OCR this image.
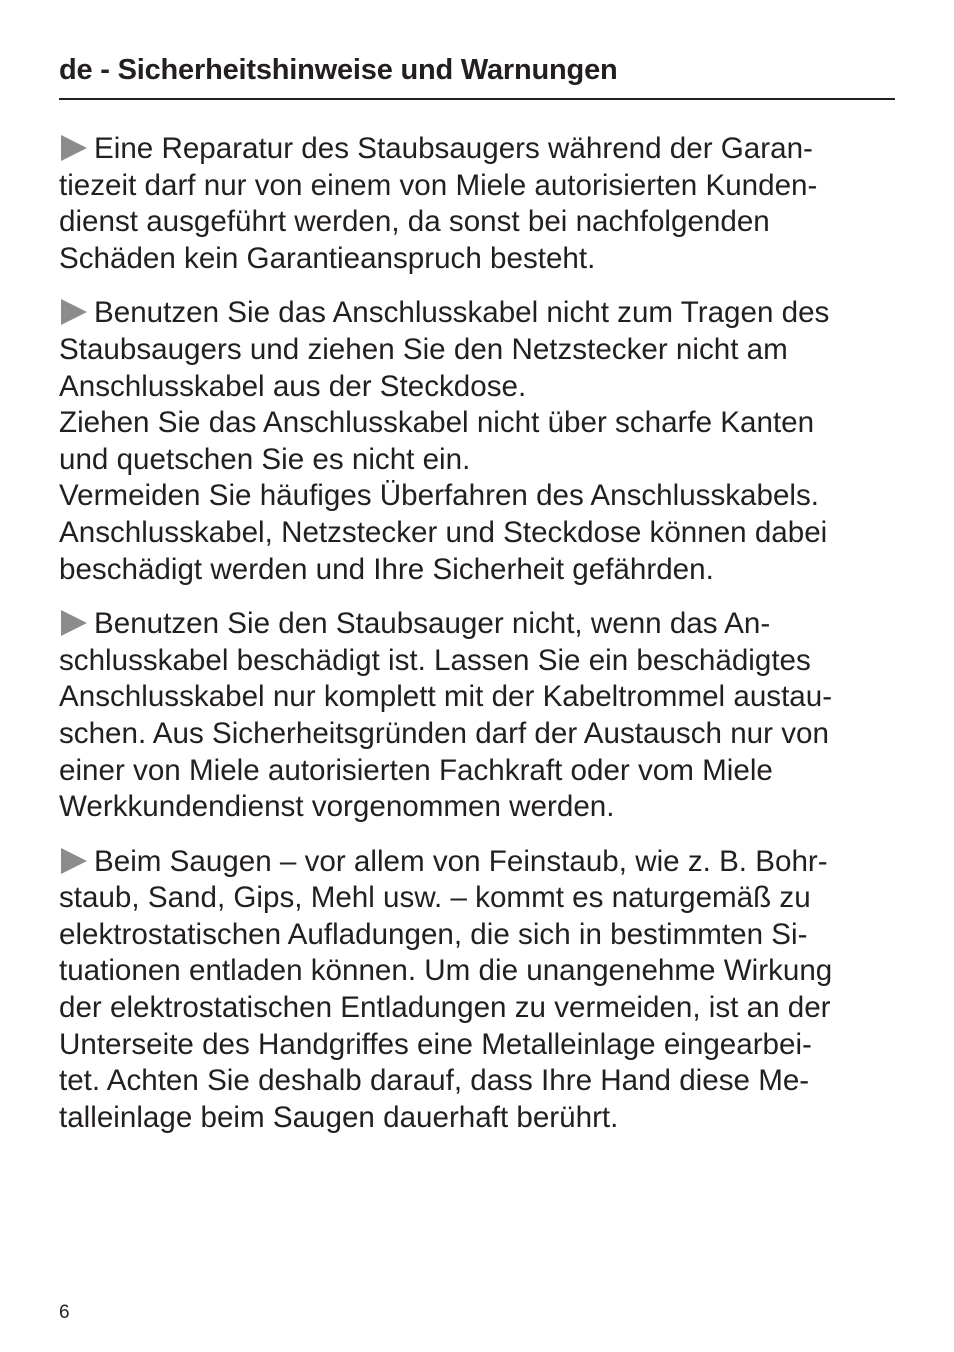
de - Sicherheitshinweise und Warnungen

Eine Reparatur des Staubsaugers während der Garan-
tiezeit darf nur von einem von Miele autorisierten Kunden-
dienst ausgeführt werden, da sonst bei nachfolgenden
Schäden kein Garantieanspruch besteht.

Benutzen Sie das Anschlusskabel nicht zum Tragen des
Staubsaugers und ziehen Sie den Netzstecker nicht am
Anschlusskabel aus der Steckdose.
Ziehen Sie das Anschlusskabel nicht über scharfe Kanten
und quetschen Sie es nicht ein.
Vermeiden Sie häufiges Überfahren des Anschlusskabels.
Anschlusskabel, Netzstecker und Steckdose können dabei
beschädigt werden und Ihre Sicherheit gefährden.

Benutzen Sie den Staubsauger nicht, wenn das An-
schlusskabel beschädigt ist. Lassen Sie ein beschädigtes
Anschlusskabel nur komplett mit der Kabeltrommel austau-
schen. Aus Sicherheitsgründen darf der Austausch nur von
einer von Miele autorisierten Fachkraft oder vom Miele
Werkkundendienst vorgenommen werden.

Beim Saugen – vor allem von Feinstaub, wie z. B. Bohr-
staub, Sand, Gips, Mehl usw. – kommt es naturgemäß zu
elektrostatischen Aufladungen, die sich in bestimmten Si-
tuationen entladen können. Um die unangenehme Wirkung
der elektrostatischen Entladungen zu vermeiden, ist an der
Unterseite des Handgriffes eine Metalleinlage eingearbei-
tet. Achten Sie deshalb darauf, dass Ihre Hand diese Me-
talleinlage beim Saugen dauerhaft berührt.

6
